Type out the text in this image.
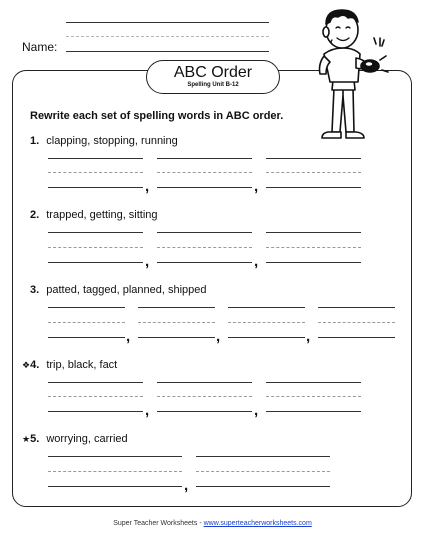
Name:
ABC Order
Spelling Unit B-12
Rewrite each set of spelling words in ABC order.
1. clapping, stopping, running
,	,
2. trapped, getting, sitting
,	,
3. patted, tagged, planned, shipped
,	,	,
❖4. trip, black, fact
,	,
★5. worrying, carried
,
Super Teacher Worksheets - www.superteacherworksheets.com
